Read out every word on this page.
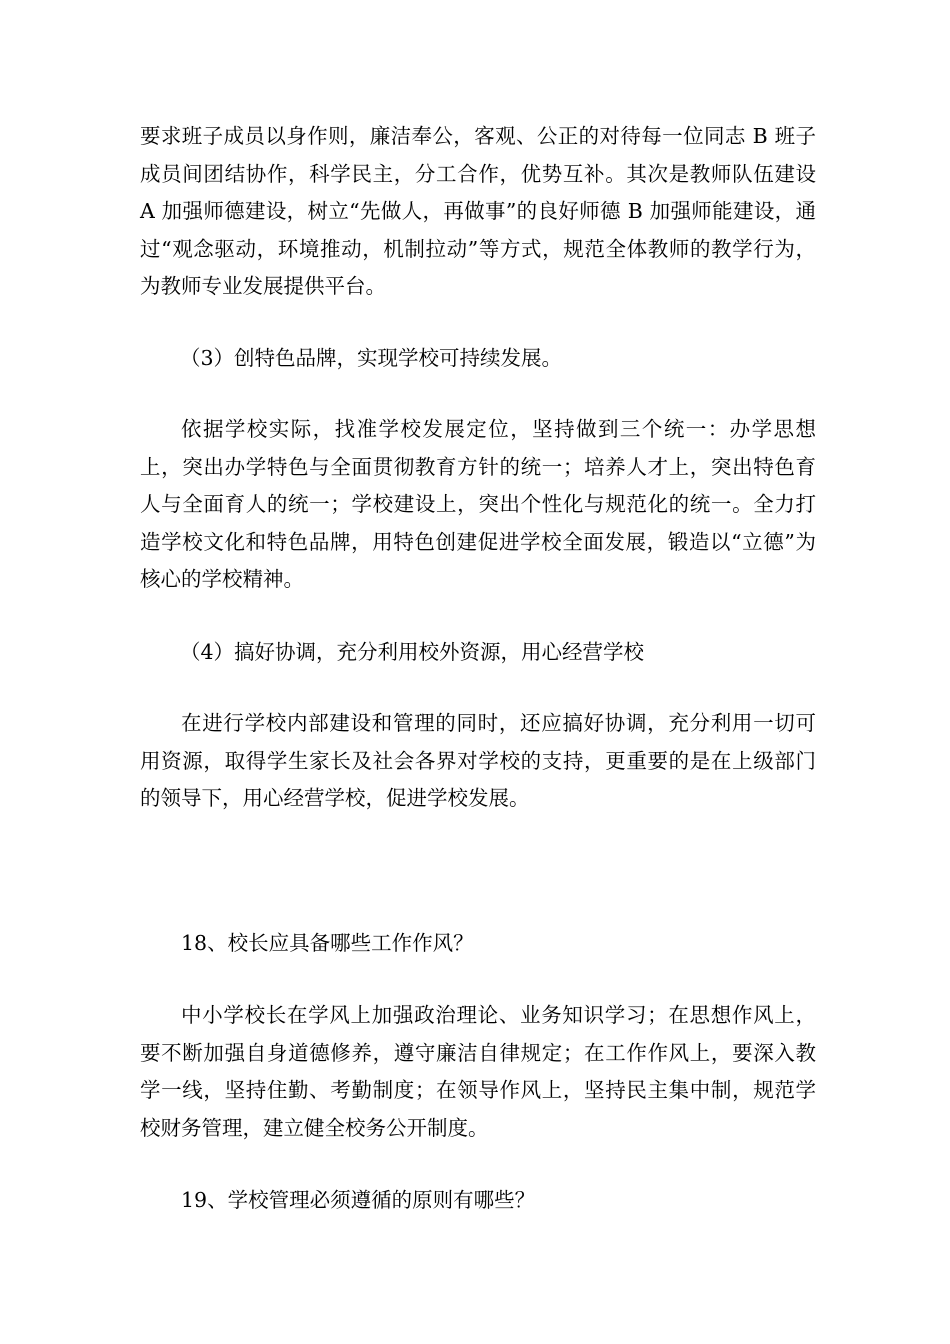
要求班子成员以身作则，廉洁奉公，客观、公正的对待每一位同志 B 班子成员间团结协作，科学民主，分工合作，优势互补。其次是教师队伍建设 A 加强师德建设，树立“先做人，再做事”的良好师德 B 加强师能建设，通过“观念驱动，环境推动，机制拉动”等方式，规范全体教师的教学行为，为教师专业发展提供平台。

（3）创特色品牌，实现学校可持续发展。

依据学校实际，找准学校发展定位，坚持做到三个统一：办学思想上，突出办学特色与全面贯彻教育方针的统一；培养人才上，突出特色育人与全面育人的统一；学校建设上，突出个性化与规范化的统一。全力打造学校文化和特色品牌，用特色创建促进学校全面发展，锻造以“立德”为核心的学校精神。

（4）搞好协调，充分利用校外资源，用心经营学校

在进行学校内部建设和管理的同时，还应搞好协调，充分利用一切可用资源，取得学生家长及社会各界对学校的支持，更重要的是在上级部门的领导下，用心经营学校，促进学校发展。

18、校长应具备哪些工作作风？

中小学校长在学风上加强政治理论、业务知识学习；在思想作风上，要不断加强自身道德修养，遵守廉洁自律规定；在工作作风上，要深入教学一线，坚持住勤、考勤制度；在领导作风上，坚持民主集中制，规范学校财务管理，建立健全校务公开制度。

19、学校管理必须遵循的原则有哪些？
